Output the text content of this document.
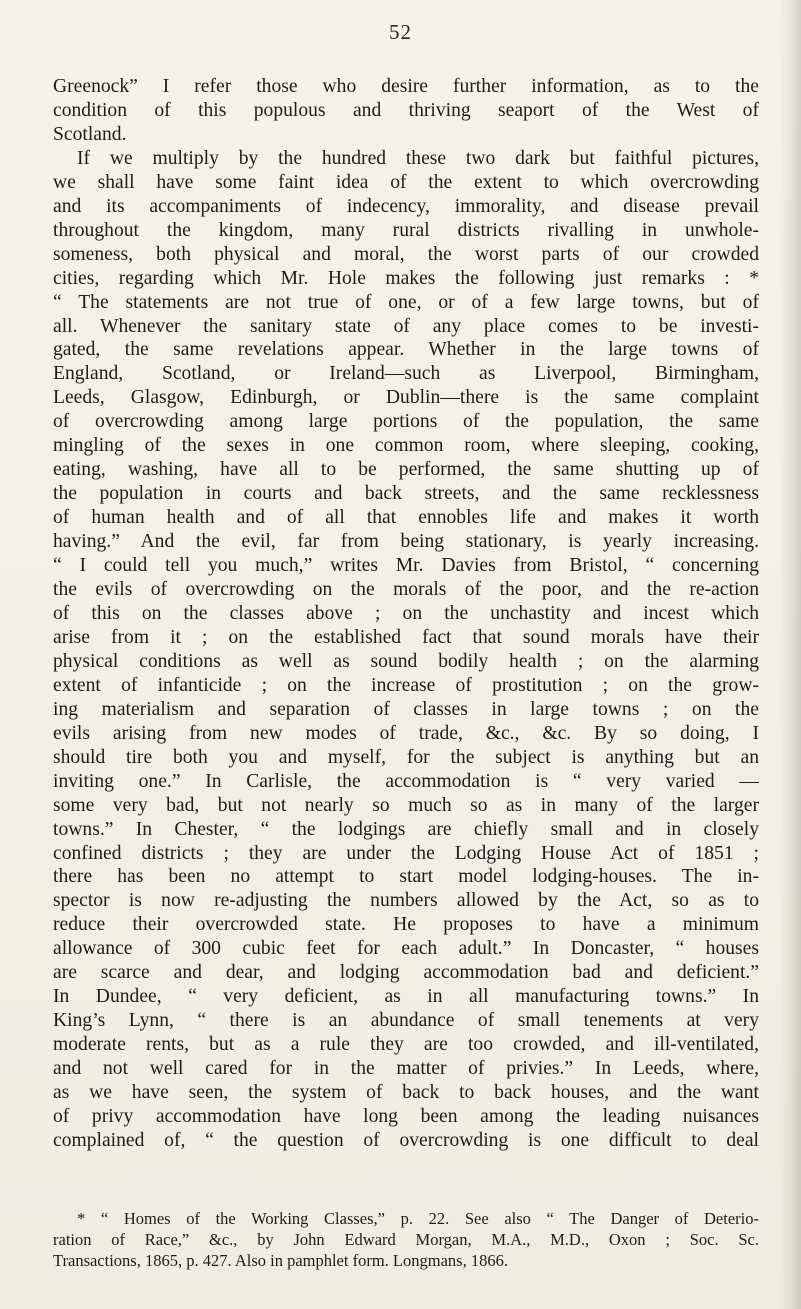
52
Greenock” I refer those who desire further information, as to the
condition of this populous and thriving seaport of the West of
Scotland.
If we multiply by the hundred these two dark but faithful pictures,
we shall have some faint idea of the extent to which overcrowding
and its accompaniments of indecency, immorality, and disease prevail
throughout the kingdom, many rural districts rivalling in unwhole-
someness, both physical and moral, the worst parts of our crowded
cities, regarding which Mr. Hole makes the following just remarks : *
“ The statements are not true of one, or of a few large towns, but of
all. Whenever the sanitary state of any place comes to be investi-
gated, the same revelations appear. Whether in the large towns of
England, Scotland, or Ireland—such as Liverpool, Birmingham,
Leeds, Glasgow, Edinburgh, or Dublin—there is the same complaint
of overcrowding among large portions of the population, the same
mingling of the sexes in one common room, where sleeping, cooking,
eating, washing, have all to be performed, the same shutting up of
the population in courts and back streets, and the same recklessness
of human health and of all that ennobles life and makes it worth
having.” And the evil, far from being stationary, is yearly increasing.
“ I could tell you much,” writes Mr. Davies from Bristol, “ concerning
the evils of overcrowding on the morals of the poor, and the re-action
of this on the classes above ; on the unchastity and incest which
arise from it ; on the established fact that sound morals have their
physical conditions as well as sound bodily health ; on the alarming
extent of infanticide ; on the increase of prostitution ; on the grow-
ing materialism and separation of classes in large towns ; on the
evils arising from new modes of trade, &c., &c. By so doing, I
should tire both you and myself, for the subject is anything but an
inviting one.” In Carlisle, the accommodation is “ very varied —
some very bad, but not nearly so much so as in many of the larger
towns.” In Chester, “ the lodgings are chiefly small and in closely
confined districts ; they are under the Lodging House Act of 1851 ;
there has been no attempt to start model lodging-houses. The in-
spector is now re-adjusting the numbers allowed by the Act, so as to
reduce their overcrowded state. He proposes to have a minimum
allowance of 300 cubic feet for each adult.” In Doncaster, “ houses
are scarce and dear, and lodging accommodation bad and deficient.”
In Dundee, “ very deficient, as in all manufacturing towns.” In
King’s Lynn, “ there is an abundance of small tenements at very
moderate rents, but as a rule they are too crowded, and ill-ventilated,
and not well cared for in the matter of privies.” In Leeds, where,
as we have seen, the system of back to back houses, and the want
of privy accommodation have long been among the leading nuisances
complained of, “ the question of overcrowding is one difficult to deal
* “ Homes of the Working Classes,” p. 22. See also “ The Danger of Deterio-
ration of Race,” &c., by John Edward Morgan, M.A., M.D., Oxon ; Soc. Sc.
Transactions, 1865, p. 427. Also in pamphlet form. Longmans, 1866.
